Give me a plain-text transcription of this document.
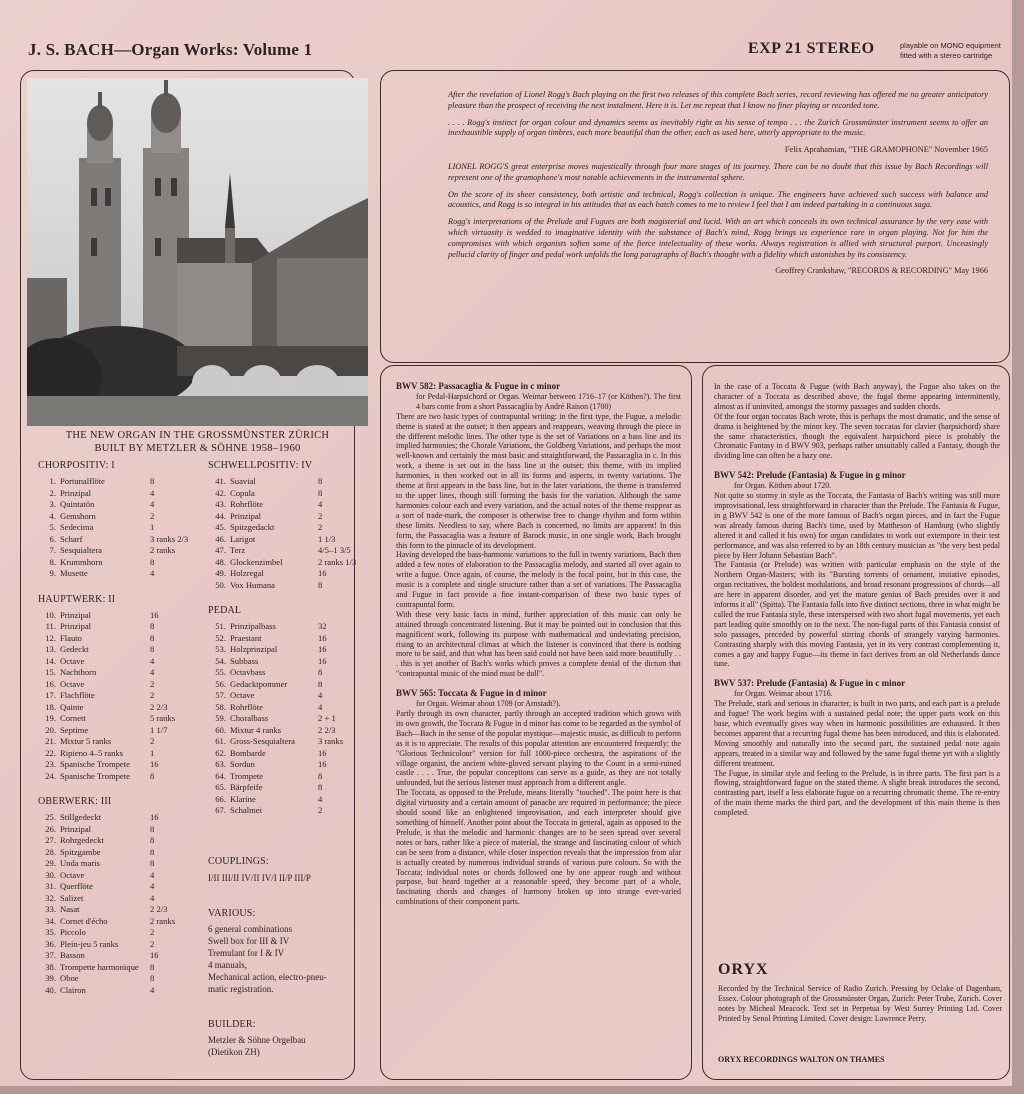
J. S. BACH—Organ Works: Volume 1	EXP 21 STEREO	playable on MONO equipment fitted with a stereo cartridge
THE NEW ORGAN IN THE GROSSMÜNSTER ZÜRICH
BUILT BY METZLER & SÖHNE 1958–1960
CHORPOSITIV: I
1. Portunalflöte	8
2. Prinzipal	4
3. Quintatön	4
4. Gemshorn	2
5. Sedecima	1
6. Scharf	3 ranks 2/3
7. Sesquialtera	2 ranks
8. Krummhorn	8
9. Musette	4
HAUPTWERK: II
10. Prinzipal	16
11. Prinzipal	8
12. Flauto	8
13. Gedeckt	8
14. Octave	4
15. Nachthorn	4
16. Octave	2
17. Flachflöte	2
18. Quinte	2 2/3
19. Cornett	5 ranks
20. Septime	1 1/7
21. Mixtur 5 ranks	2
22. Ripieno 4–5 ranks	1
23. Spanische Trompete 16
24. Spanische Trompete 8
OBERWERK: III
25. Stillgedeckt	16
26. Prinzipal	8
27. Rohrgedeckt	8
28. Spitzgambe	8
29. Unda maris	8
30. Octave	4
31. Querflöte	4
32. Salizet	4
33. Nasat	2 2/3
34. Cornet d'écho	2 ranks
35. Piccolo	2
36. Plein-jeu 5 ranks	2
37. Basson	16
38. Trompette harmonique 8
39. Oboe	8
40. Clairon	4
SCHWELLPOSITIV: IV
41. Suavial	8
42. Copula	8
43. Rohrflöte	4
44. Prinzipal	2
45. Spitzgedackt	2
46. Larigot	1 1/3
47. Terz	4/5–1 3/5
48. Glockenzimbel	2 ranks 1/3
49. Holzregal	16
50. Vox Humana	8
PEDAL
51. Prinzipalbass	32
52. Praestant	16
53. Holzprinzipal	16
54. Subbass	16
55. Octavbass	8
56. Gedacktpommer	8
57. Octave	4
58. Rohrflöte	4
59. Choralbass	2 + 1
60. Mixtur 4 ranks	2 2/3
61. Gross-Sesquialtera	3 ranks
62. Bombarde	16
63. Sordun	16
64. Trompete	8
65. Bärpfeife	8
66. Klarine	4
67. Schalmei	2
COUPLINGS:
I/II III/II IV/II IV/I II/P III/P
VARIOUS:
6 general combinations
Swell box for III & IV
Tremulant for I & IV
4 manuals,
Mechanical action, electro-pneu-
matic registration.
BUILDER:
Metzler & Söhne Orgelbau
(Dietikon ZH)

After the revelation of Lionel Rogg's Bach playing on the first two releases of this complete Bach series, record reviewing has offered me no greater anticipatory pleasure than the prospect of receiving the next instalment. Here it is. Let me repeat that I know no finer playing or recorded tone.

. . . . Rogg's instinct for organ colour and dynamics seems as inevitably right as his sense of tempo . . . the Zurich Grossmünster instrument seems to offer an inexhaustible supply of organ timbres, each more beautiful than the other, each as used here, utterly appropriate to the music.

Felix Aprahamian, "THE GRAMOPHONE" November 1965

LIONEL ROGG'S great enterprise moves majestically through four more stages of its journey. There can be no doubt that this issue by Bach Recordings will represent one of the gramophone's most notable achievements in the instrumental sphere.

On the score of its sheer consistency, both artistic and technical, Rogg's collection is unique. The engineers have achieved such success with balance and acoustics, and Rogg is so integral in his attitudes that as each batch comes to me to review I feel that I am indeed partaking in a continuous saga.

Rogg's interpretations of the Prelude and Fugues are both magisterial and lucid. With an art which conceals its own technical assurance by the very ease with which virtuosity is wedded to imaginative identity with the substance of Bach's mind, Rogg brings us experience rare in organ playing. Not for him the compromises with which organists soften some of the fierce intelectuality of these works. Always registration is allied with structural purport. Unceasingly pellucid clarity of finger and pedal work unfolds the long paragraphs of Bach's thought with a fidelity which astonishes by its consistency.

Geoffrey Crankshaw, "RECORDS & RECORDING" May 1966

BWV 582: Passacaglia & Fugue in c minor
for Pedal-Harpsichord or Organ. Weimar between 1716–17 (or Köthen?). The first 4 bars come from a short Passacaglia by André Raison (1700)
There are two basic types of contrapuntal writing: in the first type, the Fugue, a melodic theme is stated at the outset; it then appears and reappears, weaving through the piece in the different melodic lines. The other type is the set of Variations on a bass line and its implied harmonies; the Chorale Variations, the Goldberg Variations, and perhaps the most well-known and certainly the most basic and straightforward, the Passacaglia in c. In this work, a theme is set out in the bass line at the outset; this theme, with its implied harmonies, is then worked out in all its forms and aspects, in twenty variations. The theme at first appears in the bass line, but in the later variations, the theme is transferred to the upper lines, though still forming the basis for the variation. Although the same harmonies colour each and every variation, and the actual notes of the theme reappear as a sort of trade-mark, the composer is otherwise free to change rhythm and form within these limits. Needless to say, where Bach is concerned, no limits are apparent! In this form, the Passacaglia was a feature of Barock music, in one single work, Bach brought this form to the pinnacle of its development.
Having developed the bass-harmonic variations to the full in twenty variations, Bach then added a few notes of elaboration to the Passacaglia melody, and started all over again to write a fugue. Once again, of course, the melody is the focal point, but in this case, the music is a complete and single structure rather than a set of variations. The Passacaglia and Fugue in fact provide a fine instant-comparison of these two basic types of contrapuntal form.
With these very basic facts in mind, further appreciation of this music can only be attained through concentrated listening. But it may be pointed out in conclusion that this magnificent work, following its purpose with mathematical and undeviating precision, rising to an architectural climax at which the listener is convinced that there is nothing more to be said, and that what has been said could not have been said more beautifully . . . this is yet another of Bach's works which proves a complete denial of the dictum that "contrapuntal music of the mind must be dull".
BWV 565: Toccata & Fugue in d minor
for Organ. Weimar about 1709 (or Arnstadt?).
Partly through its own character, partly through an accepted tradition which grows with its own growth, the Toccata & Fugue in d minor has come to be regarded as the symbol of Bach—Bach in the sense of the popular mystique—majestic music, as difficult to perform as it is to appreciate. The results of this popular attention are encountered frequently; the "Glorious Technicolour" version for full 1000-piece orchestra, the aspirations of the village organist, the ancient white-gloved servant playing to the Count in a semi-ruined castle . . . . True, the popular conceptions can serve as a guide, as they are not totally unfounded, but the serious listener must approach from a different angle.
The Toccata, as opposed to the Prelude, means literally "touched". The point here is that digital virtuosity and a certain amount of panache are required in performance; the piece should sound like an enlightened improvisation, and each interpreter should give something of himself. Another point about the Toccata in general, again as opposed to the Prelude, is that the melodic and harmonic changes are to be seen spread over several notes or bars, rather like a piece of material, the strange and fascinating colour of which can be seen from a distance, while closer inspection reveals that the impression from afar is actually created by numerous individual strands of various pure colours. So with the Toccata; individual notes or chords followed one by one appear rough and without purpose, but heard together at a reasonable speed, they become part of a whole, fascinating chords and changes of harmony broken up into strange ever-varied combinations of their component parts.
In the case of a Toccata & Fugue (with Bach anyway), the Fugue also takes on the character of a Toccata as described above, the fugal theme appearing intermittently, almost as if uninvited, amongst the stormy passages and sudden chords.
Of the four organ toccatas Bach wrote, this is perhaps the most dramatic, and the sense of drama is heightened by the minor key. The seven toccatas for clavier (harpsichord) share the same characteristics, though the equivalent harpsichord piece is probably the Chromatic Fantasy in d BWV 903, perhaps rather unsuitably called a Fantasy, though the dividing line can often be a hazy one.
BWV 542: Prelude (Fantasia) & Fugue in g minor
for Organ. Köthen about 1720.
Not quite so stormy in style as the Toccata, the Fantasia of Bach's writing was still more improvisational, less straightforward in character than the Prelude. The Fantasia & Fugue, in g BWV 542 is one of the more famous of Bach's organ pieces, and in fact the Fugue was already famous during Bach's time, used by Mattheson of Hamburg (who slightly altered it and called it his own) for organ candidates to work out extempore in their test performance, and was also referred to by an 18th century musician as "the very best pedal piece by Herr Johann Sebastian Bach".
The Fantasia (or Prelude) was written with particular emphasis on the style of the Northern Organ-Masters; with its "Bursting torrents of ornament, imitative episodes, organ recitatives, the boldest modulations, and broad resonant progressions of chords—all are here in apparent disorder, and yet the mature genius of Bach presides over it and informs it all" (Spitta). The Fantasia falls into five distinct sections, three in what might be called the true Fantasia style, these interspersed with two short fugal movements, yet each part leading quite smoothly on to the next. The non-fugal parts of this Fantasia consist of solo passages, preceded by powerful stirring chords of strangely varying harmonies. Contrasting sharply with this moving Fantasia, yet in its very contrast complementing it, comes a gay and happy Fugue—its theme in fact derives from an old Netherlands dance tune.
BWV 537: Prelude (Fantasia) & Fugue in c minor
for Organ. Weimar about 1716.
The Prelude, stark and serious in character, is built in two parts, and each part is a prelude and fugue! The work begins with a sustained pedal note; the upper parts work on this base, which eventually gives way when its harmonic possibilities are exhausted. It then becomes apparent that a recurring fugal theme has been introduced, and this is elaborated. Moving smoothly and naturally into the second part, the sustained pedal note again appears, treated in a similar way and followed by the same fugal theme yet with a slightly different treatment.
The Fugue, in similar style and feeling to the Prelude, is in three parts. The first part is a flowing, straightforward fugue on the stated theme. A slight break introduces the second, contrasting part, itself a less elaborate fugue on a recurring chromatic theme. The re-entry of the main theme marks the third part, and the development of this main theme is then completed.
ORYX
Recorded by the Technical Service of Radio Zurich. Pressing by Oclake of Dagenham, Essex. Colour photograph of the Grossmünster Organ, Zurich: Peter Trube, Zurich. Cover notes by Micheal Meacock. Text set in Perpetua by West Surrey Printing Ltd. Cover Printed by Senol Printing Limited. Cover design: Lawrence Perry.
ORYX RECORDINGS WALTON ON THAMES
